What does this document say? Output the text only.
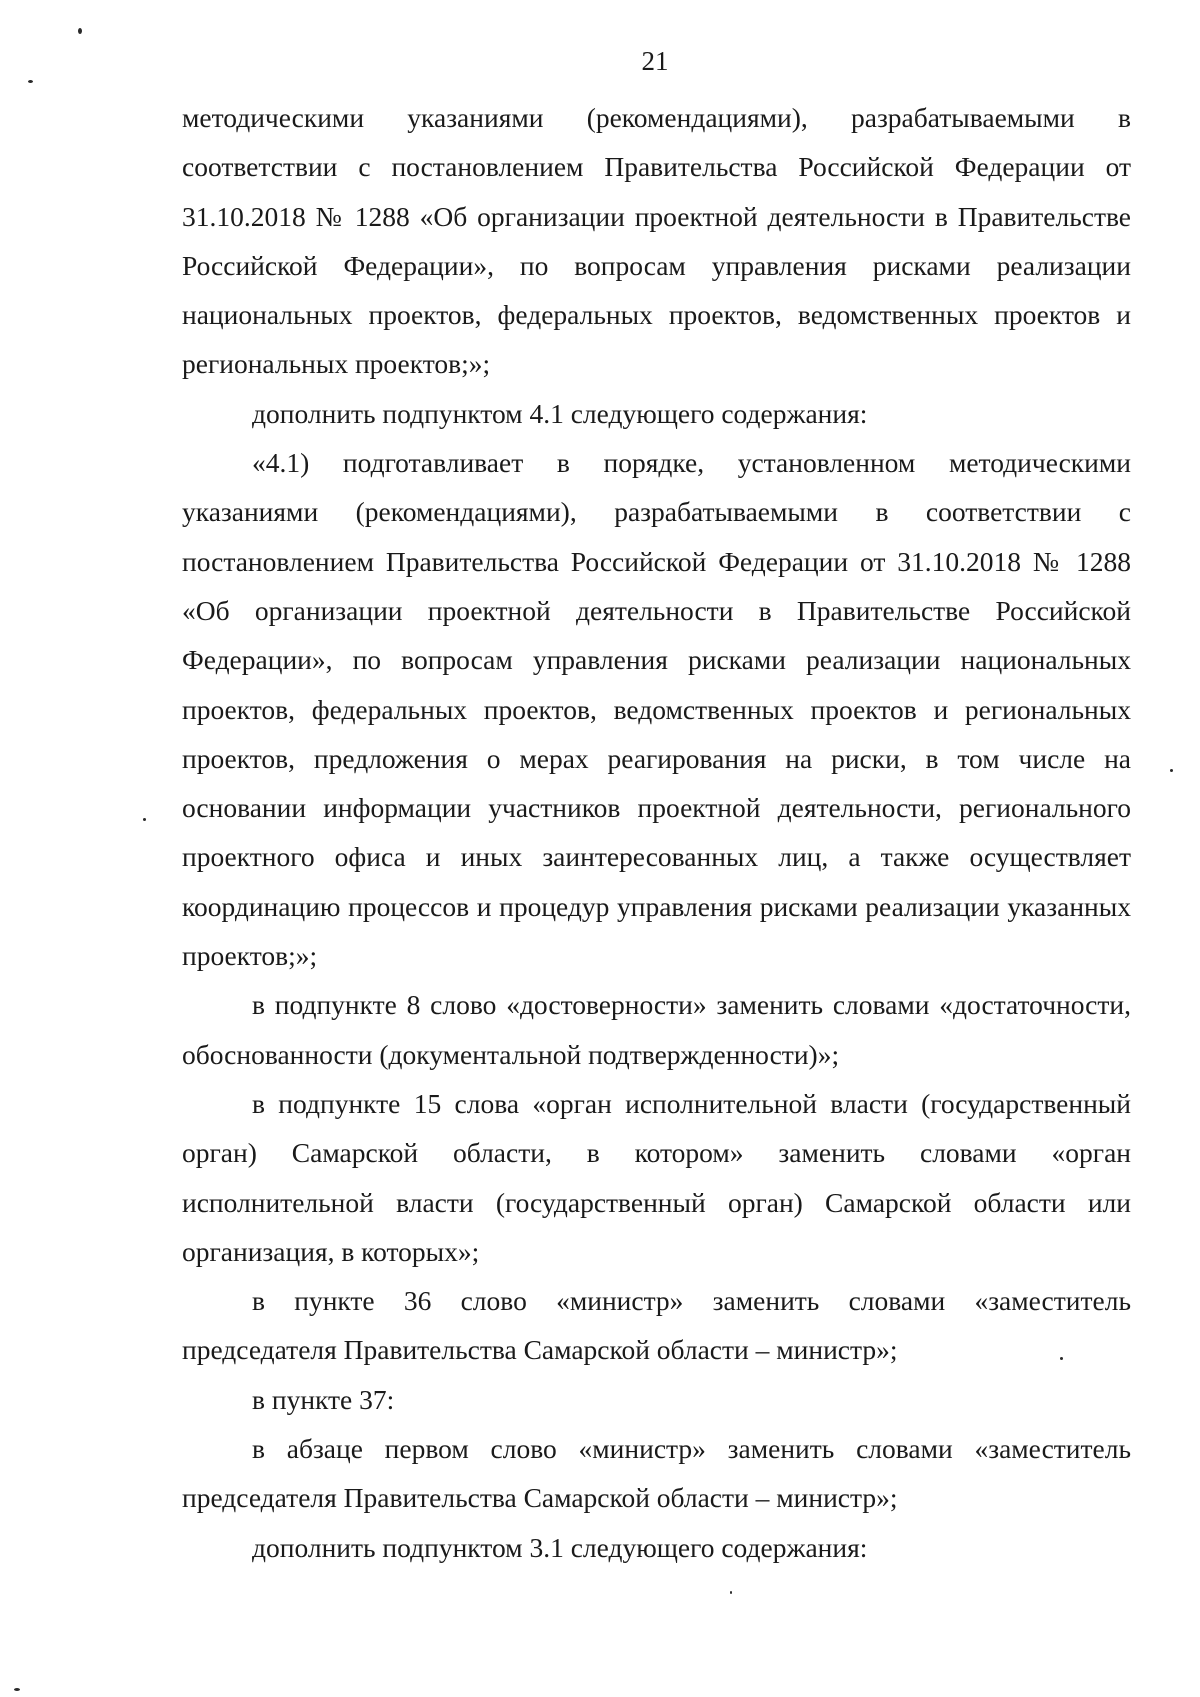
21

методическими указаниями (рекомендациями), разрабатываемыми в соответствии с постановлением Правительства Российской Федерации от 31.10.2018 № 1288 «Об организации проектной деятельности в Правительстве Российской Федерации», по вопросам управления рисками реализации национальных проектов, федеральных проектов, ведомственных проектов и региональных проектов;»;

дополнить подпунктом 4.1 следующего содержания:

«4.1) подготавливает в порядке, установленном методическими указаниями (рекомендациями), разрабатываемыми в соответствии с постановлением Правительства Российской Федерации от 31.10.2018 № 1288 «Об организации проектной деятельности в Правительстве Российской Федерации», по вопросам управления рисками реализации национальных проектов, федеральных проектов, ведомственных проектов и региональных проектов, предложения о мерах реагирования на риски, в том числе на основании информации участников проектной деятельности, регионального проектного офиса и иных заинтересованных лиц, а также осуществляет координацию процессов и процедур управления рисками реализации указанных проектов;»;

в подпункте 8 слово «достоверности» заменить словами «достаточности, обоснованности (документальной подтвержденности)»;

в подпункте 15 слова «орган исполнительной власти (государственный орган) Самарской области, в котором» заменить словами «орган исполнительной власти (государственный орган) Самарской области или организация, в которых»;

в пункте 36 слово «министр» заменить словами «заместитель председателя Правительства Самарской области – министр»;

в пункте 37:

в абзаце первом слово «министр» заменить словами «заместитель председателя Правительства Самарской области – министр»;

дополнить подпунктом 3.1 следующего содержания:
